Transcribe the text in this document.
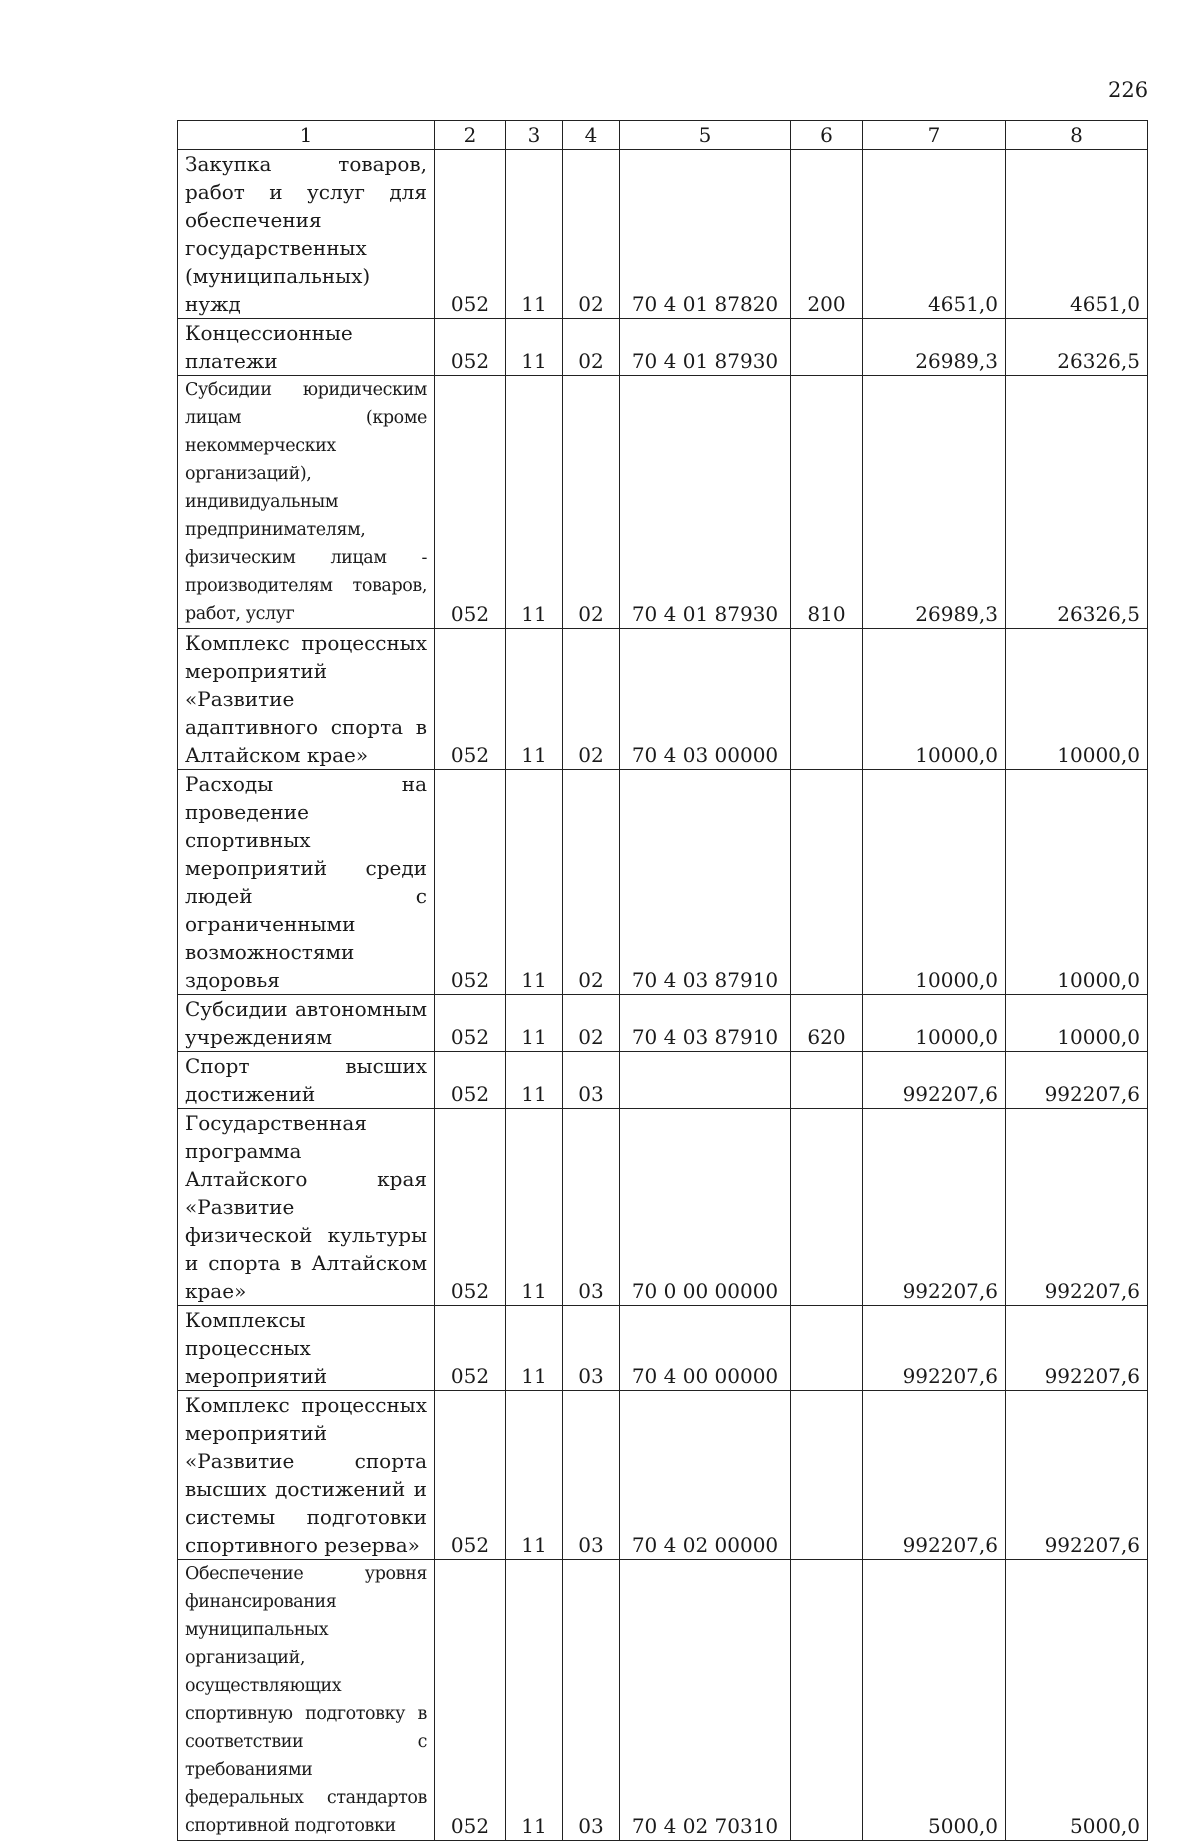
226
1	2	3	4	5	6	7	8
Закупка товаров, работ и услуг для обеспечения государственных (муниципальных) нужд	052	11	02	70 4 01 87820	200	4651,0	4651,0
Концессионные платежи	052	11	02	70 4 01 87930		26989,3	26326,5
Субсидии юридическим лицам (кроме некоммерческих организаций), индивидуальным предпринимателям, физическим лицам - производителям товаров, работ, услуг	052	11	02	70 4 01 87930	810	26989,3	26326,5
Комплекс процессных мероприятий «Развитие адаптивного спорта в Алтайском крае»	052	11	02	70 4 03 00000		10000,0	10000,0
Расходы на проведение спортивных мероприятий среди людей с ограниченными возможностями здоровья	052	11	02	70 4 03 87910		10000,0	10000,0
Субсидии автономным учреждениям	052	11	02	70 4 03 87910	620	10000,0	10000,0
Спорт высших достижений	052	11	03			992207,6	992207,6
Государственная программа Алтайского края «Развитие физической культуры и спорта в Алтайском крае»	052	11	03	70 0 00 00000		992207,6	992207,6
Комплексы процессных мероприятий	052	11	03	70 4 00 00000		992207,6	992207,6
Комплекс процессных мероприятий «Развитие спорта высших достижений и системы подготовки спортивного резерва»	052	11	03	70 4 02 00000		992207,6	992207,6
Обеспечение уровня финансирования муниципальных организаций, осуществляющих спортивную подготовку в соответствии с требованиями федеральных стандартов спортивной подготовки	052	11	03	70 4 02 70310		5000,0	5000,0
